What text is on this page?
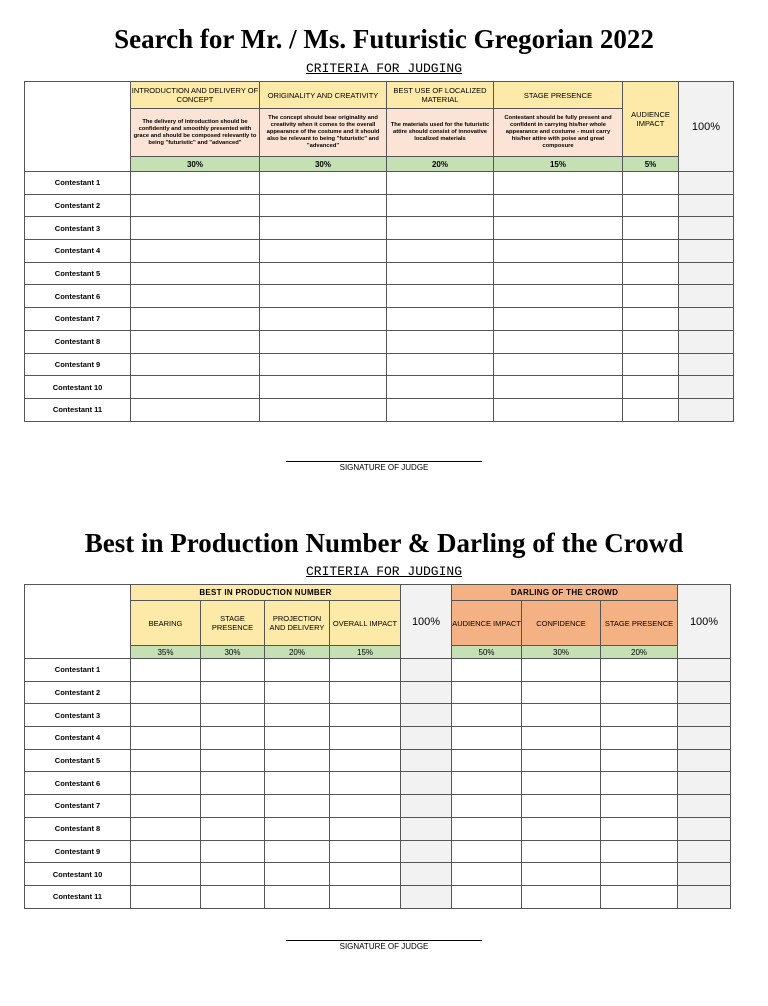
Search for Mr. / Ms. Futuristic Gregorian 2022
CRITERIA FOR JUDGING
	INTRODUCTION AND DELIVERY OF CONCEPT	ORIGINALITY AND CREATIVITY	BEST USE OF LOCALIZED MATERIAL	STAGE PRESENCE	AUDIENCE IMPACT	100%
	The delivery of introduction should be confidently and smoothly presented with grace and should be composed relevantly to being "futuristic" and "advanced"	The concept should bear originality and creativity when it comes to the overall appearance of the costume and it should also be relevant to being "futuristic" and "advanced"	The materials used for the futuristic attire should consist of innovative localized materials	Contestant should be fully present and confident in carrying his/her whole appearance and costume - must carry his/her attire with poise and great composure		
	30%	30%	20%	15%	5%	
Contestant 1						
Contestant 2						
Contestant 3						
Contestant 4						
Contestant 5						
Contestant 6						
Contestant 7						
Contestant 8						
Contestant 9						
Contestant 10						
Contestant 11						
SIGNATURE OF JUDGE
Best in Production Number & Darling of the Crowd
CRITERIA FOR JUDGING
	BEST IN PRODUCTION NUMBER				100%	DARLING OF THE CROWD			100%
	BEARING	STAGE PRESENCE	PROJECTION AND DELIVERY	OVERALL IMPACT		AUDIENCE IMPACT	CONFIDENCE	STAGE PRESENCE	
	35%	30%	20%	15%		50%	30%	20%	
Contestant 1									
Contestant 2									
Contestant 3									
Contestant 4									
Contestant 5									
Contestant 6									
Contestant 7									
Contestant 8									
Contestant 9									
Contestant 10									
Contestant 11									
SIGNATURE OF JUDGE
